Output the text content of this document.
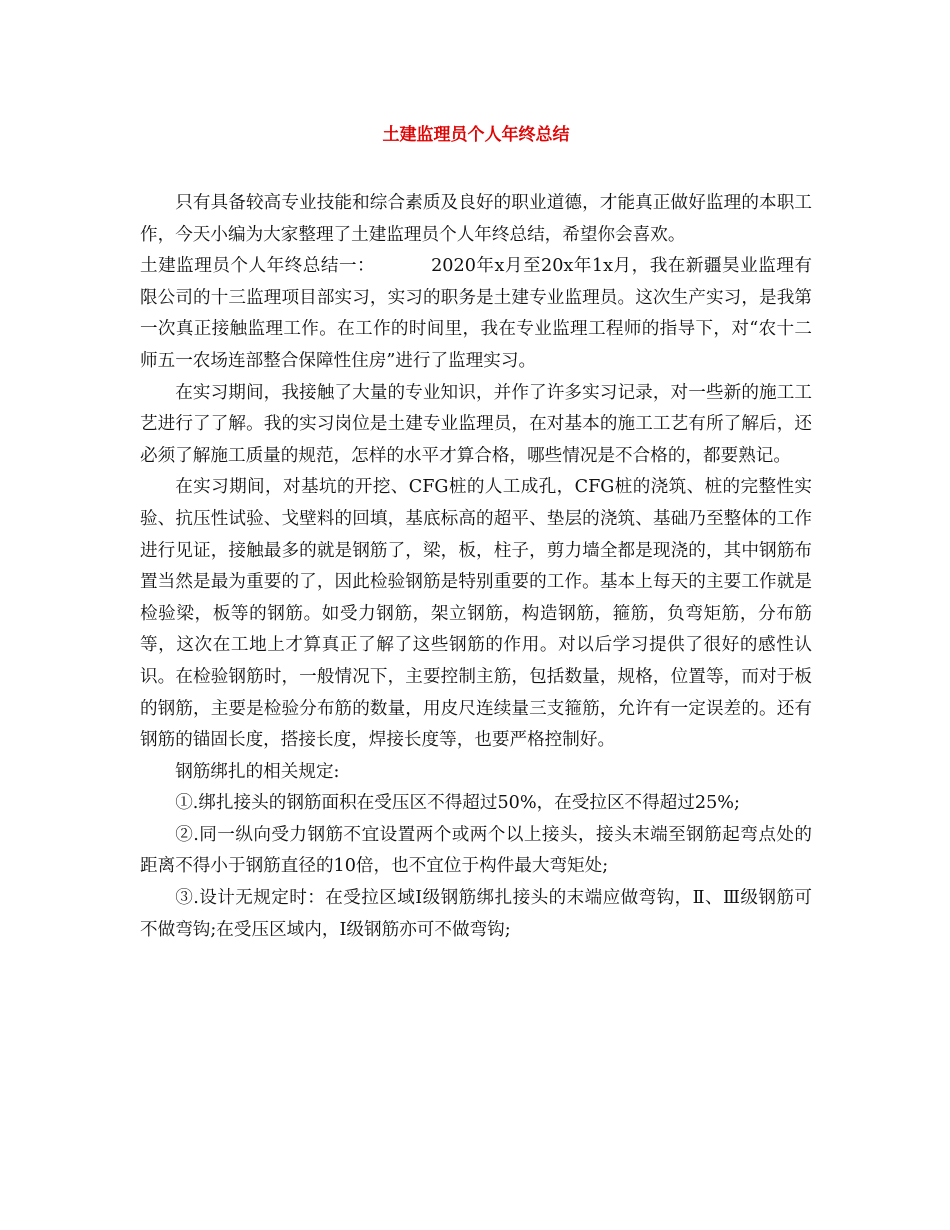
土建监理员个人年终总结

只有具备较高专业技能和综合素质及良好的职业道德，才能真正做好监理的本职工作，今天小编为大家整理了土建监理员个人年终总结，希望你会喜欢。

土建监理员个人年终总结一：	2020年x月至20x年1x月，我在新疆昊业监理有限公司的十三监理项目部实习，实习的职务是土建专业监理员。这次生产实习，是我第一次真正接触监理工作。在工作的时间里，我在专业监理工程师的指导下，对“农十二师五一农场连部整合保障性住房”进行了监理实习。

在实习期间，我接触了大量的专业知识，并作了许多实习记录，对一些新的施工工艺进行了了解。我的实习岗位是土建专业监理员，在对基本的施工工艺有所了解后，还必须了解施工质量的规范，怎样的水平才算合格，哪些情况是不合格的，都要熟记。

在实习期间，对基坑的开挖、CFG桩的人工成孔，CFG桩的浇筑、桩的完整性实验、抗压性试验、戈壁料的回填，基底标高的超平、垫层的浇筑、基础乃至整体的工作进行见证，接触最多的就是钢筋了，梁，板，柱子，剪力墙全都是现浇的，其中钢筋布置当然是最为重要的了，因此检验钢筋是特别重要的工作。基本上每天的主要工作就是检验梁，板等的钢筋。如受力钢筋，架立钢筋，构造钢筋，箍筋，负弯矩筋，分布筋等，这次在工地上才算真正了解了这些钢筋的作用。对以后学习提供了很好的感性认识。在检验钢筋时，一般情况下，主要控制主筋，包括数量，规格，位置等，而对于板的钢筋，主要是检验分布筋的数量，用皮尺连续量三支箍筋，允许有一定误差的。还有钢筋的锚固长度，搭接长度，焊接长度等，也要严格控制好。

钢筋绑扎的相关规定:

①.绑扎接头的钢筋面积在受压区不得超过50%，在受拉区不得超过25%;

②.同一纵向受力钢筋不宜设置两个或两个以上接头，接头末端至钢筋起弯点处的距离不得小于钢筋直径的10倍，也不宜位于构件最大弯矩处;

③.设计无规定时：在受拉区域Ⅰ级钢筋绑扎接头的末端应做弯钩，Ⅱ、Ⅲ级钢筋可不做弯钩;在受压区域内，Ⅰ级钢筋亦可不做弯钩;
